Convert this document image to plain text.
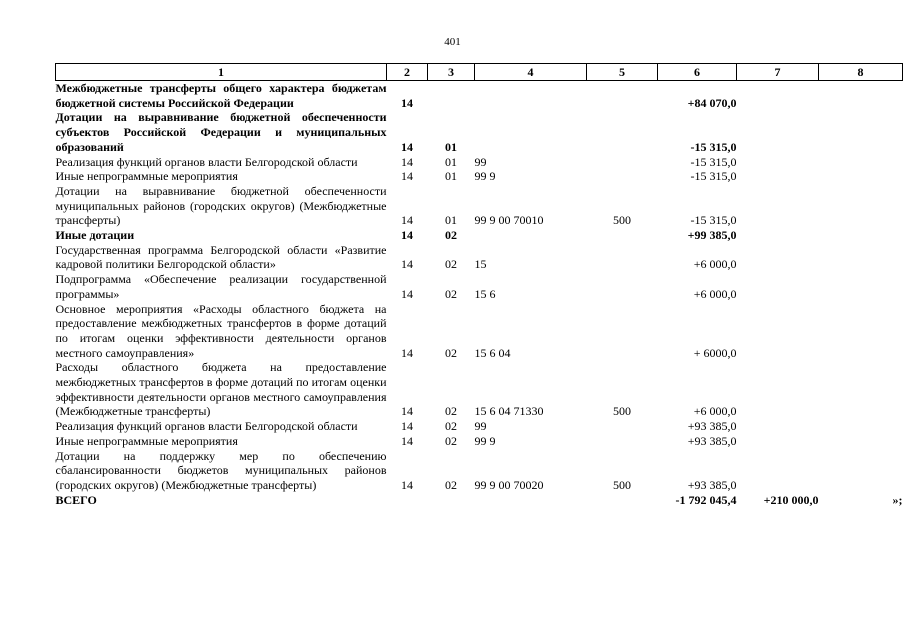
401
1	2	3	4	5	6	7	8
Межбюджетные трансферты общего характера бюджетам бюджетной системы Российской Федерации	14				+84 070,0		
Дотации на выравнивание бюджетной обеспеченности субъектов Российской Федерации и муниципальных образований	14	01			-15 315,0		
Реализация функций органов власти Белгородской области	14	01	99		-15 315,0		
Иные непрограммные мероприятия	14	01	99 9		-15 315,0		
Дотации на выравнивание бюджетной обеспеченности муниципальных районов (городских округов) (Межбюджетные трансферты)	14	01	99 9 00 70010	500	-15 315,0		
Иные дотации	14	02			+99 385,0		
Государственная программа Белгородской области «Развитие кадровой политики Белгородской области»	14	02	15		+6 000,0		
Подпрограмма «Обеспечение реализации государственной программы»	14	02	15 6		+6 000,0		
Основное мероприятия «Расходы областного бюджета на предоставление межбюджетных трансфертов в форме дотаций по итогам оценки эффективности деятельности органов местного самоуправления»	14	02	15 6 04		+ 6000,0		
Расходы областного бюджета на предоставление межбюджетных трансфертов в форме дотаций по итогам оценки эффективности деятельности органов местного самоуправления (Межбюджетные трансферты)	14	02	15 6 04 71330	500	+6 000,0		
Реализация функций органов власти Белгородской области	14	02	99		+93 385,0		
Иные непрограммные мероприятия	14	02	99 9		+93 385,0		
Дотации на поддержку мер по обеспечению сбалансированности бюджетов муниципальных районов (городских округов) (Межбюджетные трансферты)	14	02	99 9 00 70020	500	+93 385,0		
ВСЕГО					-1 792 045,4	+210 000,0	»;
